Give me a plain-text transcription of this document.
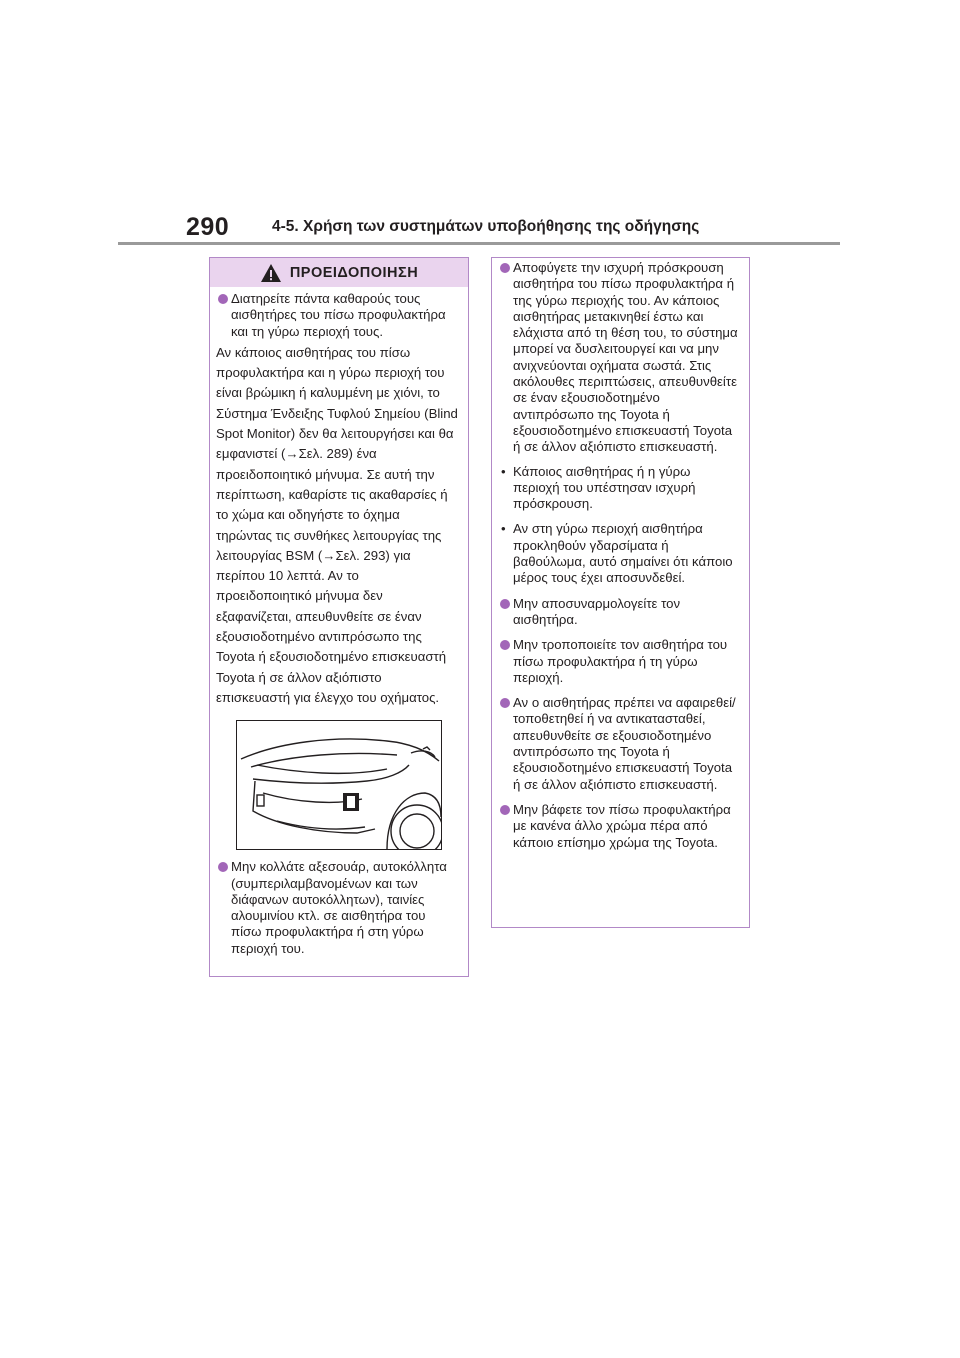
290	4-5. Χρήση των συστημάτων υποβοήθησης της οδήγησης
ΠΡΟΕΙΔΟΠΟΙΗΣΗ

Διατηρείτε πάντα καθαρούς τους αισθητήρες του πίσω προφυλακτήρα και τη γύρω περιοχή τους.

Αν κάποιος αισθητήρας του πίσω προφυλακτήρα και η γύρω περιοχή του είναι βρώμικη ή καλυμμένη με χιόνι, το Σύστημα Ένδειξης Τυφλού Σημείου (Blind Spot Monitor) δεν θα λειτουργήσει και θα εμφανιστεί (→Σελ. 289) ένα προειδοποιητικό μήνυμα. Σε αυτή την περίπτωση, καθαρίστε τις ακαθαρσίες ή το χώμα και οδηγήστε το όχημα τηρώντας τις συνθήκες λειτουργίας της λειτουργίας BSM (→Σελ. 293) για περίπου 10 λεπτά. Αν το προειδοποιητικό μήνυμα δεν εξαφανίζεται, απευθυνθείτε σε έναν εξουσιοδοτημένο αντιπρόσωπο της Toyota ή εξουσιοδοτημένο επισκευαστή Toyota ή σε άλλον αξιόπιστο επισκευαστή για έλεγχο του οχήματος.

Μην κολλάτε αξεσουάρ, αυτοκόλλητα (συμπεριλαμβανομένων και των διάφανων αυτοκόλλητων), ταινίες αλουμινίου κτλ. σε αισθητήρα του πίσω προφυλακτήρα ή στη γύρω περιοχή του.

Αποφύγετε την ισχυρή πρόσκρουση αισθητήρα του πίσω προφυλακτήρα ή της γύρω περιοχής του. Αν κάποιος αισθητήρας μετακινηθεί έστω και ελάχιστα από τη θέση του, το σύστημα μπορεί να δυσλειτουργεί και να μην ανιχνεύονται οχήματα σωστά. Στις ακόλουθες περιπτώσεις, απευθυνθείτε σε έναν εξουσιοδοτημένο αντιπρόσωπο της Toyota ή εξουσιοδοτημένο επισκευαστή Toyota ή σε άλλον αξιόπιστο επισκευαστή.

• Κάποιος αισθητήρας ή η γύρω περιοχή του υπέστησαν ισχυρή πρόσκρουση.

• Αν στη γύρω περιοχή αισθητήρα προκληθούν γδαρσίματα ή βαθούλωμα, αυτό σημαίνει ότι κάποιο μέρος τους έχει αποσυνδεθεί.

Μην αποσυναρμολογείτε τον αισθητήρα.

Μην τροποποιείτε τον αισθητήρα του πίσω προφυλακτήρα ή τη γύρω περιοχή.

Αν ο αισθητήρας πρέπει να αφαιρεθεί/τοποθετηθεί ή να αντικατασταθεί, απευθυνθείτε σε εξουσιοδοτημένο αντιπρόσωπο της Toyota ή εξουσιοδοτημένο επισκευαστή Toyota ή σε άλλον αξιόπιστο επισκευαστή.

Μην βάφετε τον πίσω προφυλακτήρα με κανένα άλλο χρώμα πέρα από κάποιο επίσημο χρώμα της Toyota.
